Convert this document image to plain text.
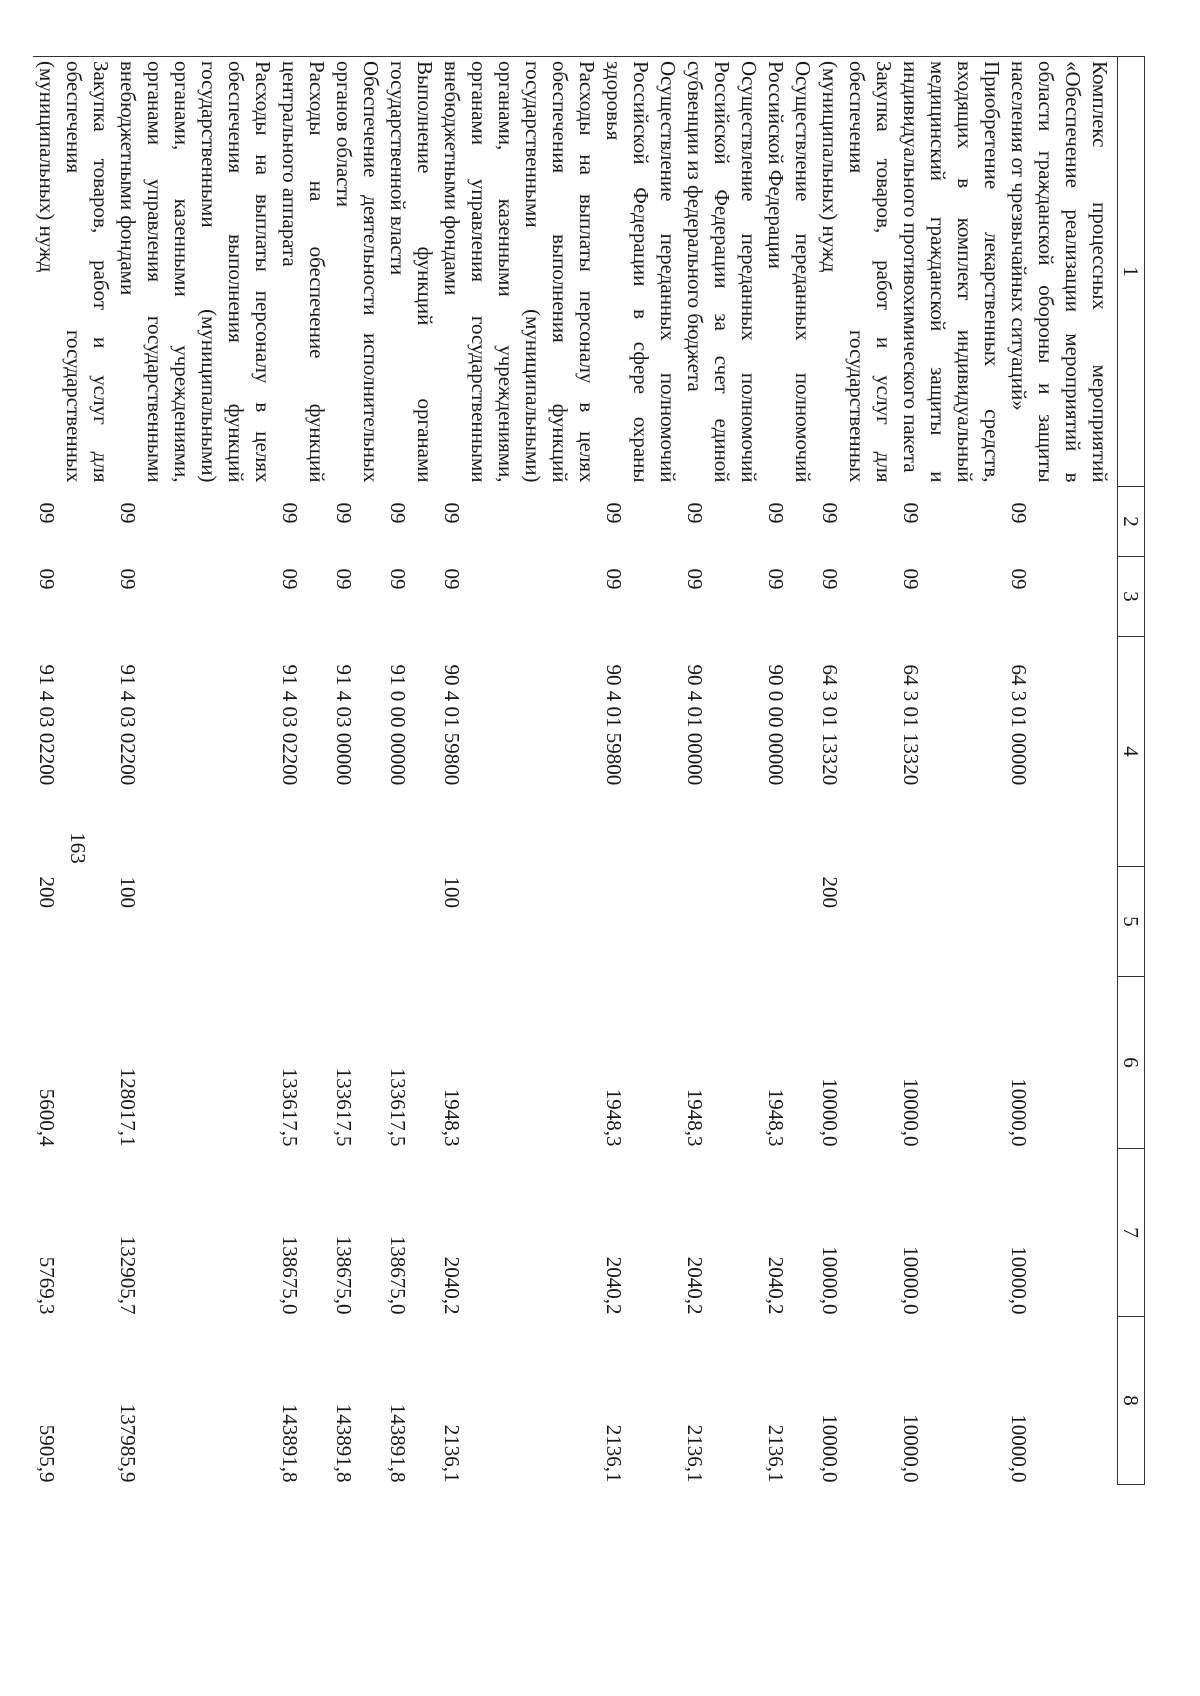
1	2	3	4	5	6	7	8
Комплекс процессных мероприятий «Обеспечение реализации мероприятий в области гражданской обороны и защиты населения от чрезвычайных ситуаций»	09	09	64 3 01 00000		10000,0	10000,0	10000,0
Приобретение лекарственных средств, входящих в комплект индивидуальный медицинский гражданской защиты и индивидуального противохимического пакета	09	09	64 3 01 13320		10000,0	10000,0	10000,0
Закупка товаров, работ и услуг для обеспечения государственных (муниципальных) нужд	09	09	64 3 01 13320	200	10000,0	10000,0	10000,0
Осуществление переданных полномочий Российской Федерации	09	09	90 0 00 00000		1948,3	2040,2	2136,1
Осуществление переданных полномочий Российской Федерации за счет единой субвенции из федерального бюджета	09	09	90 4 01 00000		1948,3	2040,2	2136,1
Осуществление переданных полномочий Российской Федерации в сфере охраны здоровья	09	09	90 4 01 59800		1948,3	2040,2	2136,1
Расходы на выплаты персоналу в целях обеспечения выполнения функций государственными (муниципальными) органами, казенными учреждениями, органами управления государственными внебюджетными фондами	09	09	90 4 01 59800	100	1948,3	2040,2	2136,1
Выполнение функций органами государственной власти	09	09	91 0 00 00000		133617,5	138675,0	143891,8
Обеспечение деятельности исполнительных органов области	09	09	91 4 03 00000		133617,5	138675,0	143891,8
Расходы на обеспечение функций центрального аппарата	09	09	91 4 03 02200		133617,5	138675,0	143891,8
Расходы на выплаты персоналу в целях обеспечения выполнения функций государственными (муниципальными) органами, казенными учреждениями, органами управления государственными внебюджетными фондами	09	09	91 4 03 02200	100	128017,1	132905,7	137985,9
Закупка товаров, работ и услуг для обеспечения государственных (муниципальных) нужд	09	09	91 4 03 02200	200	5600,4	5769,3	5905,9
163
